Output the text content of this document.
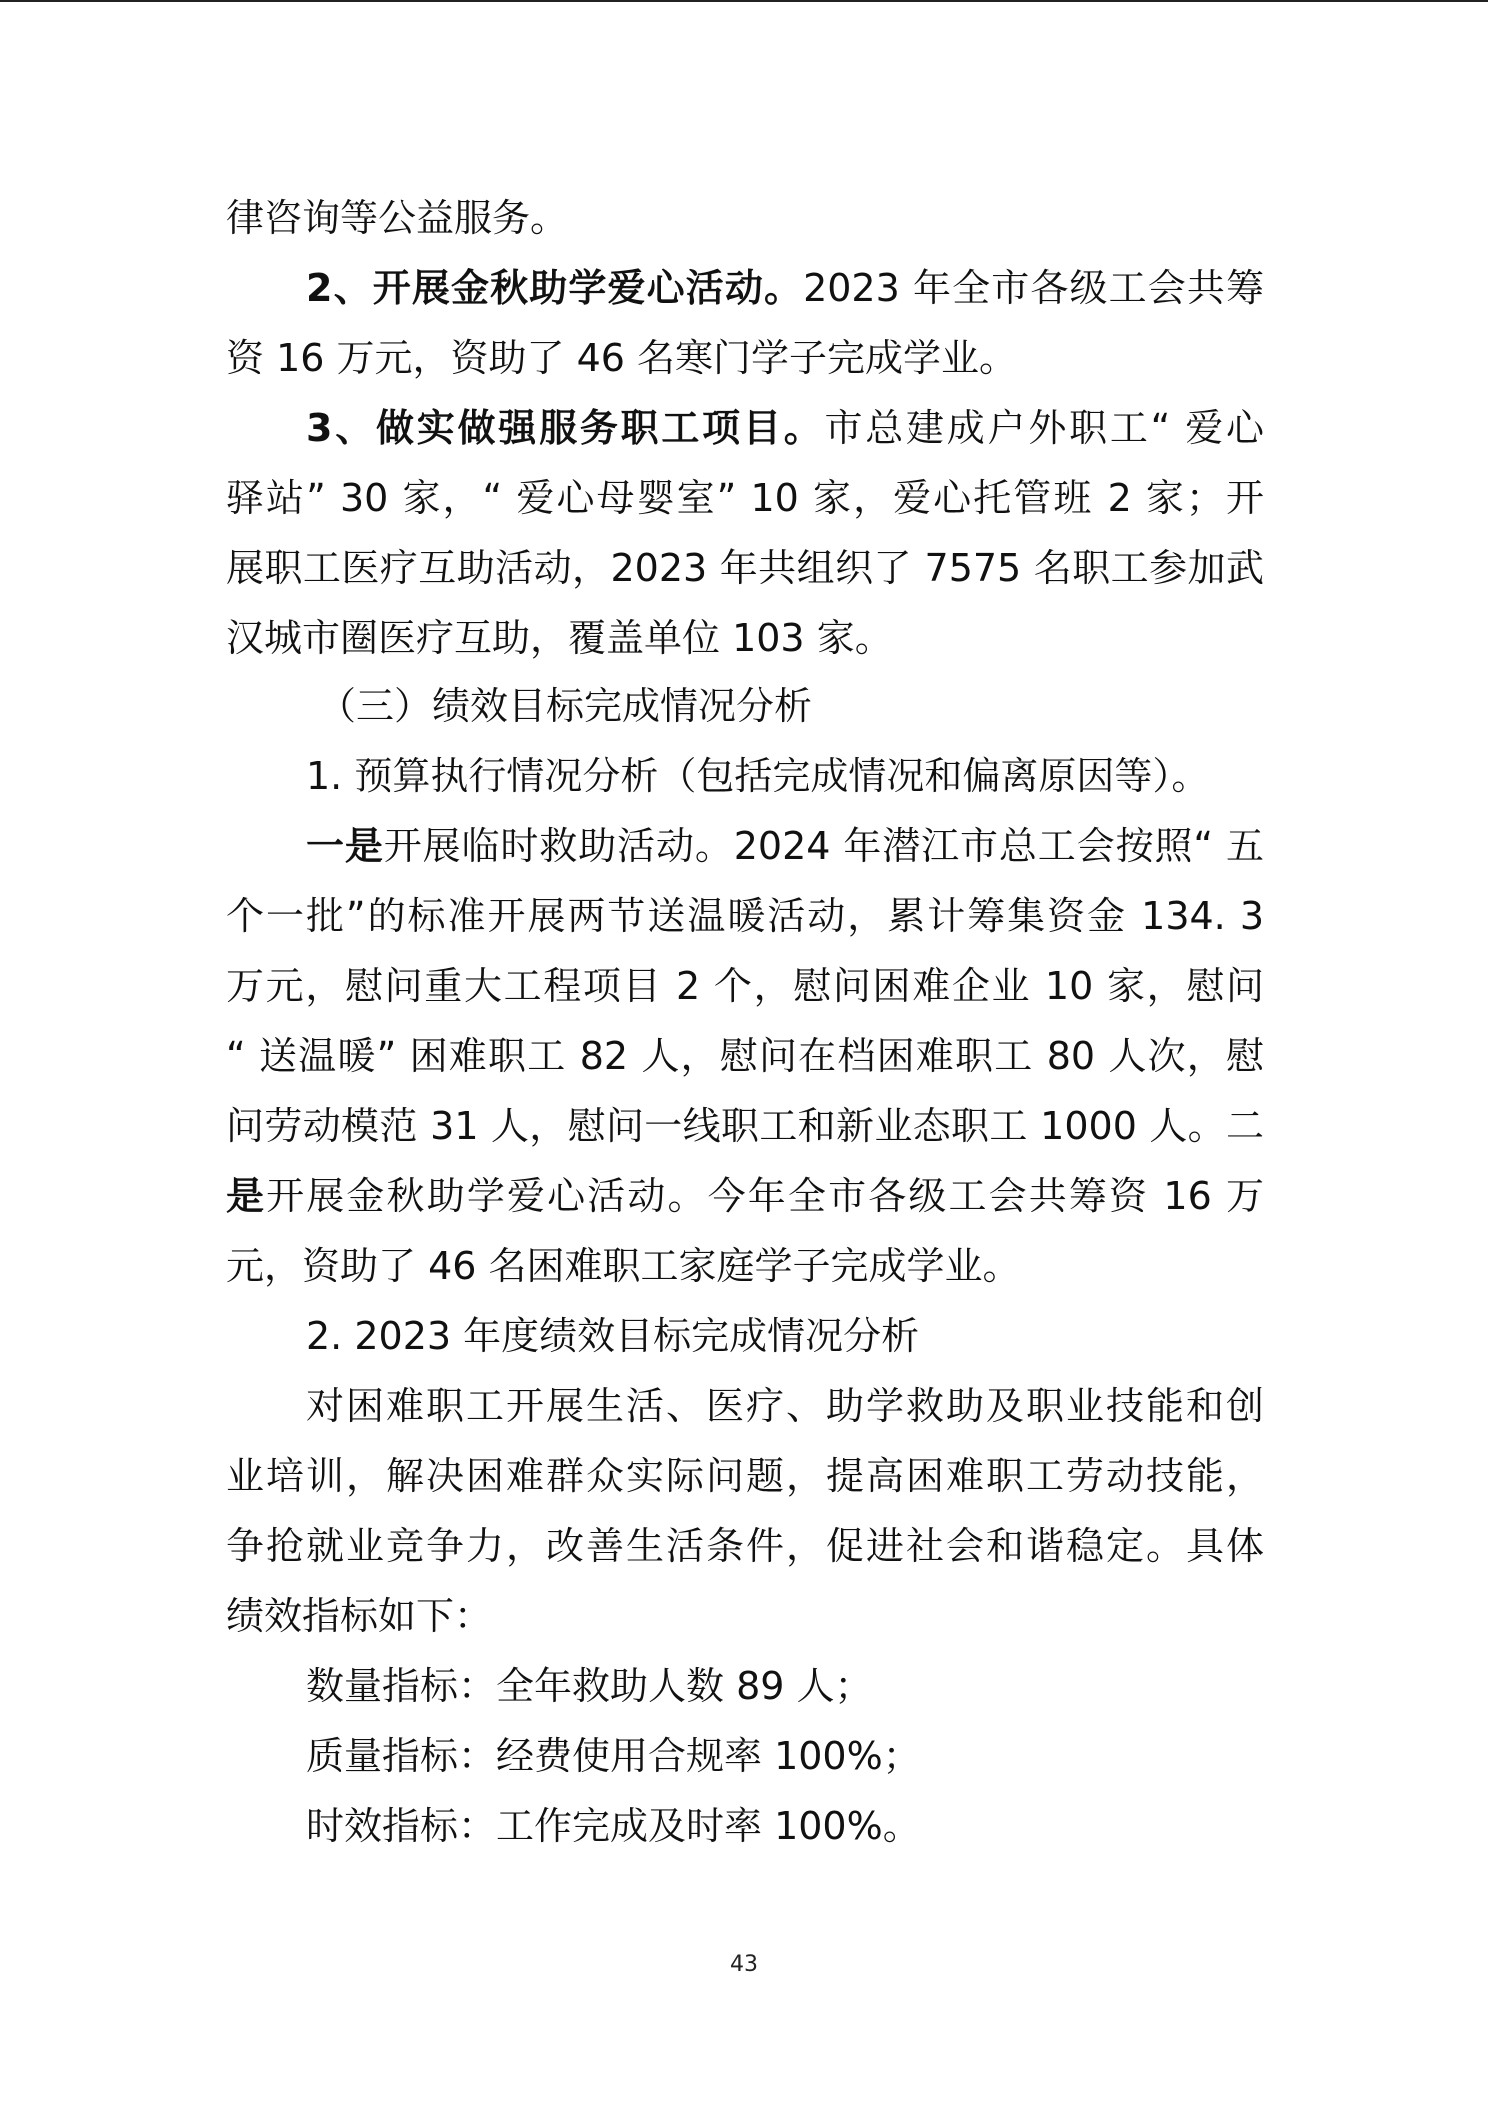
律咨询等公益服务。
2、开展金秋助学爱心活动。2023 年全市各级工会共筹
资 16 万元，资助了 46 名寒门学子完成学业。
3、做实做强服务职工项目。市总建成户外职工“ 爱心
驿站” 30 家，“ 爱心母婴室” 10 家，爱心托管班 2 家；开
展职工医疗互助活动，2023 年共组织了 7575 名职工参加武
汉城市圈医疗互助，覆盖单位 103 家。
（三）绩效目标完成情况分析
1. 预算执行情况分析（包括完成情况和偏离原因等）。
一是开展临时救助活动。2024 年潜江市总工会按照“ 五
个一批”的标准开展两节送温暖活动，累计筹集资金 134. 3
万元，慰问重大工程项目 2 个，慰问困难企业 10 家，慰问
“ 送温暖” 困难职工 82 人，慰问在档困难职工 80 人次，慰
问劳动模范 31 人，慰问一线职工和新业态职工 1000 人。二
是开展金秋助学爱心活动。今年全市各级工会共筹资 16 万
元，资助了 46 名困难职工家庭学子完成学业。
2. 2023 年度绩效目标完成情况分析
对困难职工开展生活、医疗、助学救助及职业技能和创
业培训，解决困难群众实际问题，提高困难职工劳动技能，
争抢就业竞争力，改善生活条件，促进社会和谐稳定。具体
绩效指标如下：
数量指标：全年救助人数 89 人；
质量指标：经费使用合规率 100%；
时效指标：工作完成及时率 100%。
43
